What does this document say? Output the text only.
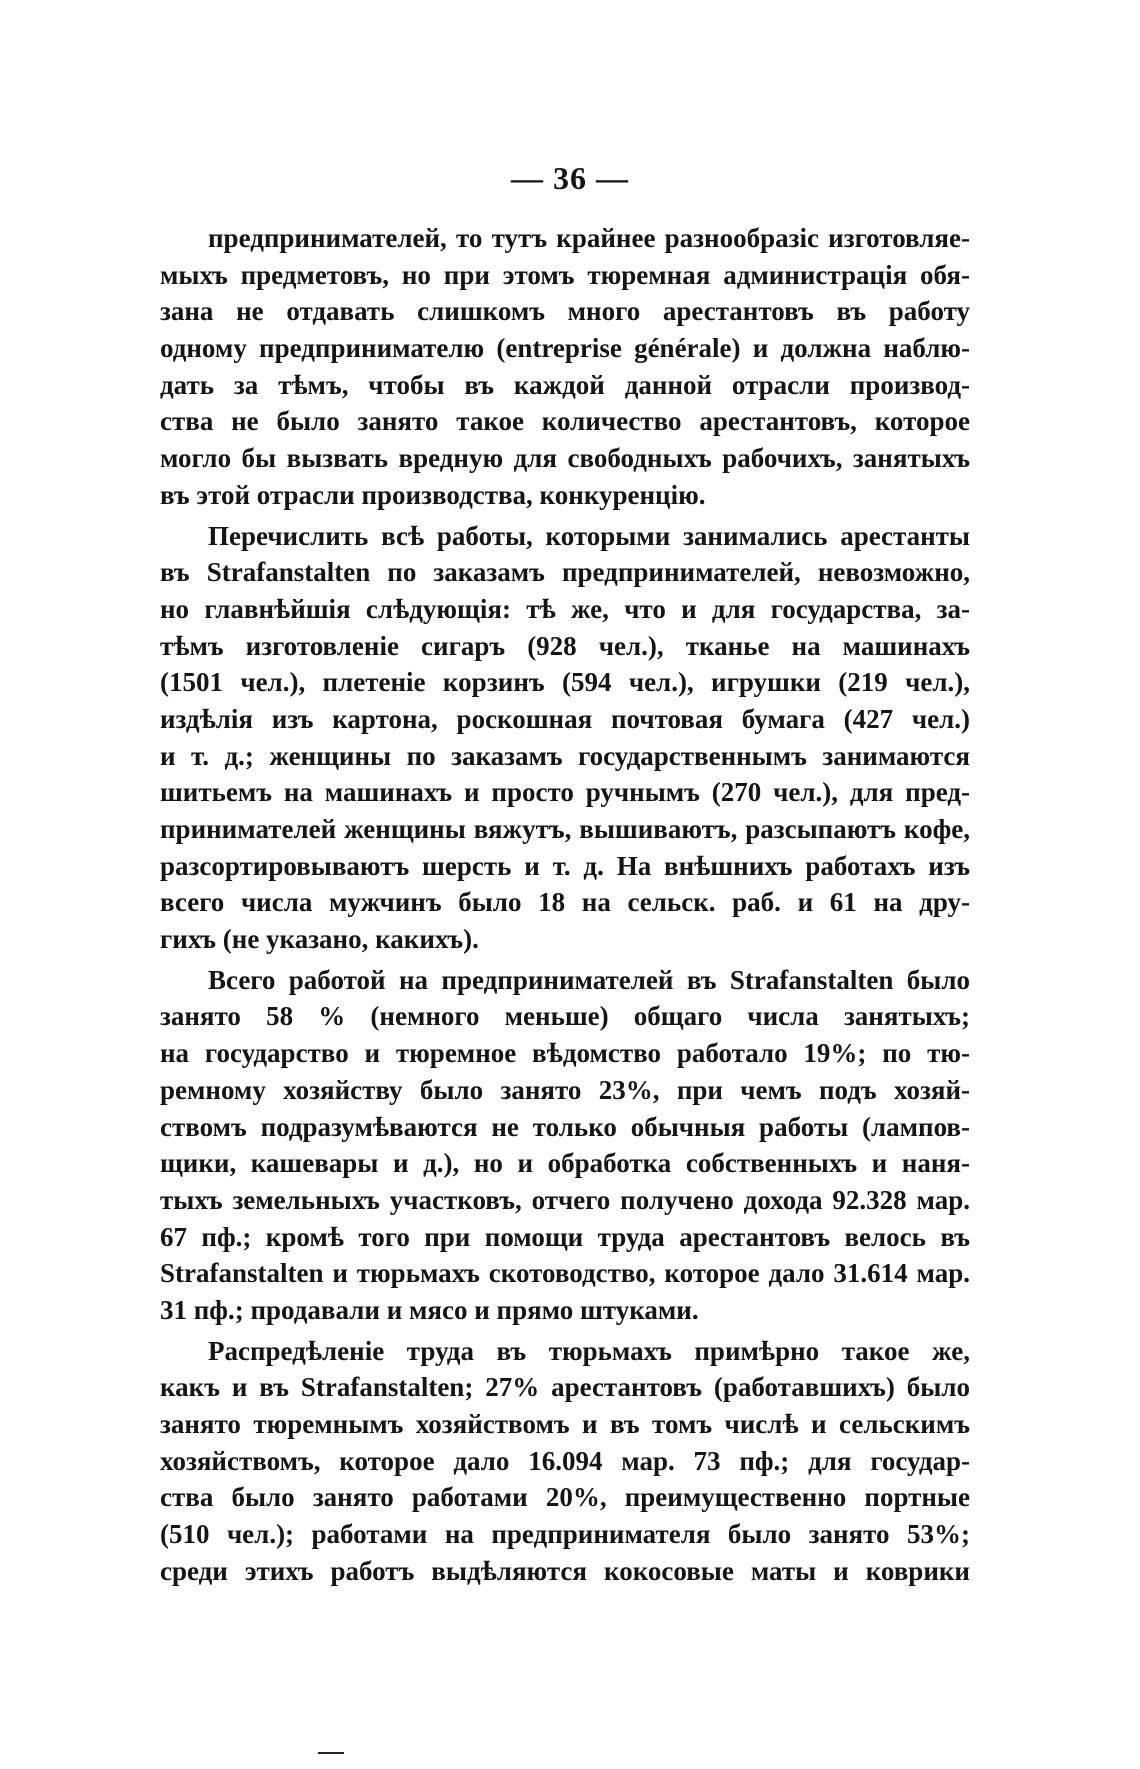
— 36 —
предпринимателей, то тутъ крайнее разнообразіс изготовляе-
мыхъ предметовъ, но при этомъ тюремная администрація обя-
зана не отдавать слишкомъ много арестантовъ въ работу
одному предпринимателю (entreprise générale) и должна наблю-
дать за тѣмъ, чтобы въ каждой данной отрасли производ-
ства не было занято такое количество арестантовъ, которое
могло бы вызвать вредную для свободныхъ рабочихъ, занятыхъ
въ этой отрасли производства, конкуренцію.
Перечислить всѣ работы, которыми занимались арестанты
въ Strafanstalten по заказамъ предпринимателей, невозможно,
но главнѣйшія слѣдующія: тѣ же, что и для государства, за-
тѣмъ изготовленіе сигаръ (928 чел.), тканье на машинахъ
(1501 чел.), плетеніе корзинъ (594 чел.), игрушки (219 чел.),
издѣлія изъ картона, роскошная почтовая бумага (427 чел.)
и т. д.; женщины по заказамъ государственнымъ занимаются
шитьемъ на машинахъ и просто ручнымъ (270 чел.), для пред-
принимателей женщины вяжутъ, вышиваютъ, разсыпаютъ кофе,
разсортировываютъ шерсть и т. д. На внѣшнихъ работахъ изъ
всего числа мужчинъ было 18 на сельск. раб. и 61 на дру-
гихъ (не указано, какихъ).
Всего работой на предпринимателей въ Strafanstalten было
занято 58 % (немного меньше) общаго числа занятыхъ;
на государство и тюремное вѣдомство работало 19%; по тю-
ремному хозяйству было занято 23%, при чемъ подъ хозяй-
ствомъ подразумѣваются не только обычныя работы (лампов-
щики, кашевары и д.), но и обработка собственныхъ и наня-
тыхъ земельныхъ участковъ, отчего получено дохода 92.328 мар.
67 пф.; кромѣ того при помощи труда арестантовъ велось въ
Strafanstalten и тюрьмахъ скотоводство, которое дало 31.614 мар.
31 пф.; продавали и мясо и прямо штуками.
Распредѣленіе труда въ тюрьмахъ примѣрно такое же,
какъ и въ Strafanstalten; 27% арестантовъ (работавшихъ) было
занято тюремнымъ хозяйствомъ и въ томъ числѣ и сельскимъ
хозяйствомъ, которое дало 16.094 мар. 73 пф.; для государ-
ства было занято работами 20%, преимущественно портные
(510 чел.); работами на предпринимателя было занято 53%;
среди этихъ работъ выдѣляются кокосовые маты и коврики
